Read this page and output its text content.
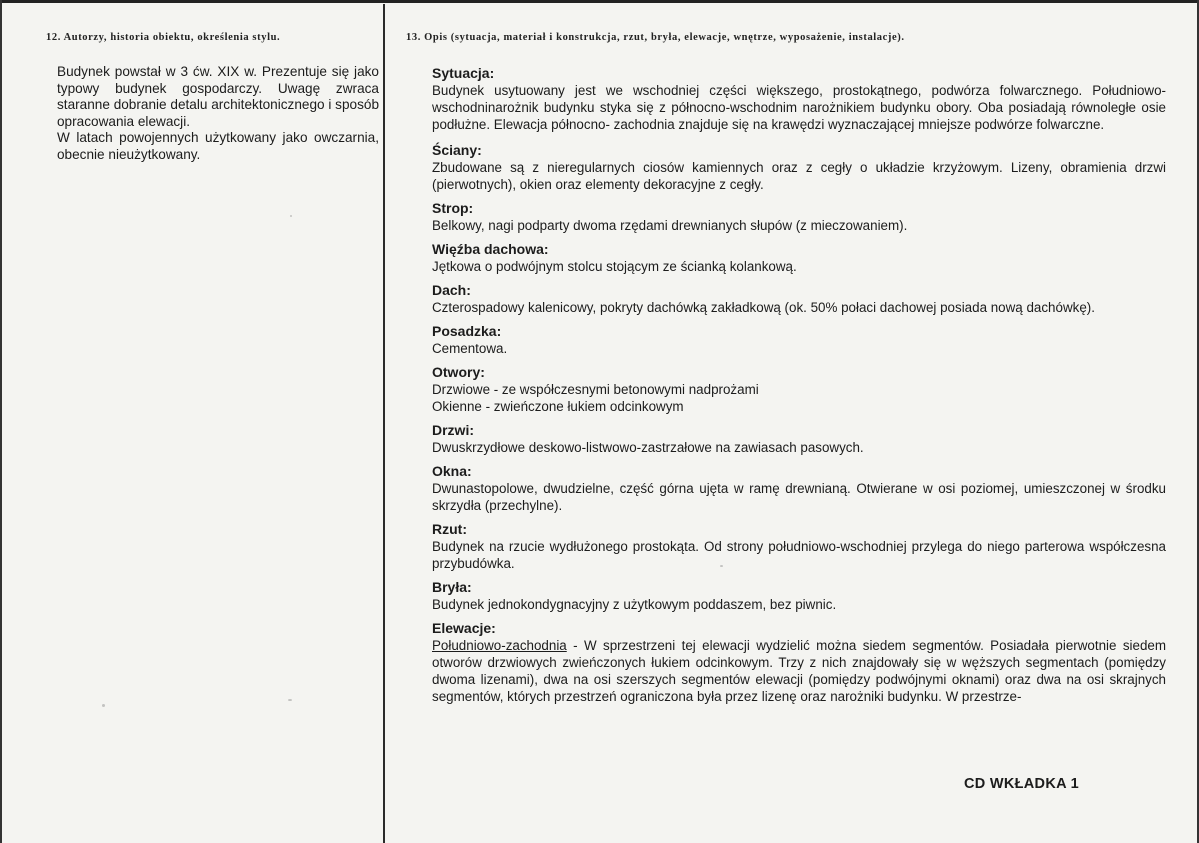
12. Autorzy, historia obiektu, określenia stylu.	13. Opis (sytuacja, materiał i konstrukcja, rzut, bryła, elewacje, wnętrze, wyposażenie, instalacje).

Budynek powstał w 3 ćw. XIX w. Prezentuje się jako typowy budynek gospodarczy. Uwagę zwraca staranne dobranie detalu architektonicznego i sposób opracowania elewacji.

W latach powojennych użytkowany jako owczarnia, obecnie nieużytkowany.

Sytuacja:

Budynek usytuowany jest we wschodniej części większego, prostokątnego, podwórza folwarcznego. Południowo-wschodninarożnik budynku styka się z północno-wschodnim narożnikiem budynku obory. Oba posiadają równoległe osie podłużne. Elewacja północno- zachodnia znajduje się na krawędzi wyznaczającej mniejsze podwórze folwarczne.

Ściany:

Zbudowane są z nieregularnych ciosów kamiennych oraz z cegły o układzie krzyżowym. Lizeny, obramienia drzwi (pierwotnych), okien oraz elementy dekoracyjne z cegły.

Strop:

Belkowy, nagi podparty dwoma rzędami drewnianych słupów (z mieczowaniem).

Więźba dachowa:

Jętkowa o podwójnym stolcu stojącym ze ścianką kolankową.

Dach:

Czterospadowy kalenicowy, pokryty dachówką zakładkową (ok. 50% połaci dachowej posiada nową dachówkę).

Posadzka:

Cementowa.

Otwory:

Drzwiowe - ze współczesnymi betonowymi nadprożami

Okienne - zwieńczone łukiem odcinkowym

Drzwi:

Dwuskrzydłowe deskowo-listwowo-zastrzałowe na zawiasach pasowych.

Okna:

Dwunastopolowe, dwudzielne, część górna ujęta w ramę drewnianą. Otwierane w osi poziomej, umieszczonej w środku skrzydła (przechylne).

Rzut:

Budynek na rzucie wydłużonego prostokąta. Od strony południowo-wschodniej przylega do niego parterowa współczesna przybudówka.

Bryła:

Budynek jednokondygnacyjny z użytkowym poddaszem, bez piwnic.

Elewacje:

Południowo-zachodnia - W sprzestrzeni tej elewacji wydzielić można siedem segmentów. Posiadała pierwotnie siedem otworów drzwiowych zwieńczonych łukiem odcinkowym. Trzy z nich znajdowały się w węższych segmentach (pomiędzy dwoma lizenami), dwa na osi szerszych segmentów elewacji (pomiędzy podwójnymi oknami) oraz dwa na osi skrajnych segmentów, których przestrzeń ograniczona była przez lizenę oraz narożniki budynku. W przestrze-

CD WKŁADKA 1
